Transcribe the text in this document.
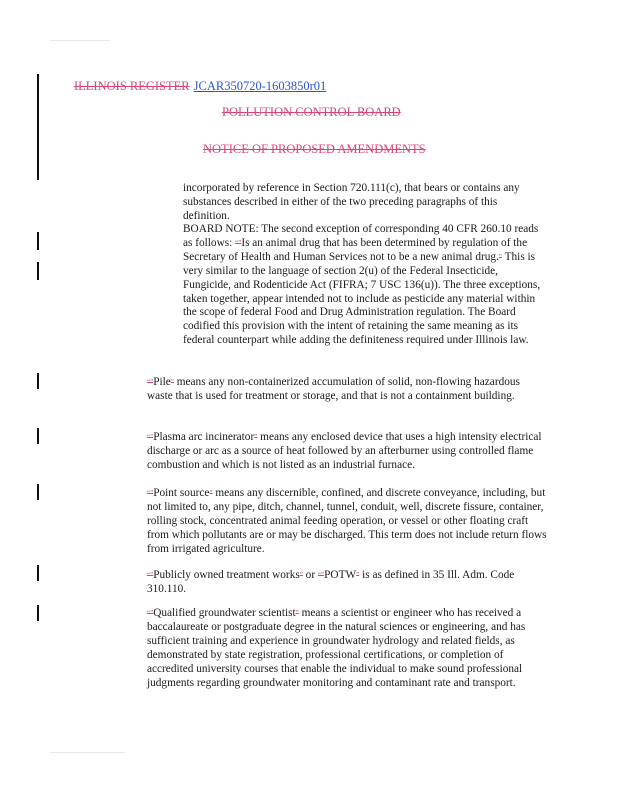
ILLINOIS REGISTER JCAR350720-1603850r01
POLLUTION CONTROL BOARD
NOTICE OF PROPOSED AMENDMENTS
incorporated by reference in Section 720.111(c), that bears or contains any substances described in either of the two preceding paragraphs of this definition.
BOARD NOTE: The second exception of corresponding 40 CFR 260.10 reads as follows: “”Is an animal drug that has been determined by regulation of the Secretary of Health and Human Services not to be a new animal drug.” This is very similar to the language of section 2(u) of the Federal Insecticide, Fungicide, and Rodenticide Act (FIFRA; 7 USC 136(u)). The three exceptions, taken together, appear intended not to include as pesticide any material within the scope of federal Food and Drug Administration regulation. The Board codified this provision with the intent of retaining the same meaning as its federal counterpart while adding the definiteness required under Illinois law.
“”Pile” means any non-containerized accumulation of solid, non-flowing hazardous waste that is used for treatment or storage, and that is not a containment building.
“”Plasma arc incinerator” means any enclosed device that uses a high intensity electrical discharge or arc as a source of heat followed by an afterburner using controlled flame combustion and which is not listed as an industrial furnace.
“”Point source” means any discernible, confined, and discrete conveyance, including, but not limited to, any pipe, ditch, channel, tunnel, conduit, well, discrete fissure, container, rolling stock, concentrated animal feeding operation, or vessel or other floating craft from which pollutants are or may be discharged. This term does not include return flows from irrigated agriculture.
“”Publicly owned treatment works” or “”POTW” is as defined in 35 Ill. Adm. Code 310.110.
“”Qualified groundwater scientist” means a scientist or engineer who has received a baccalaureate or postgraduate degree in the natural sciences or engineering, and has sufficient training and experience in groundwater hydrology and related fields, as demonstrated by state registration, professional certifications, or completion of accredited university courses that enable the individual to make sound professional judgments regarding groundwater monitoring and contaminant rate and transport.
